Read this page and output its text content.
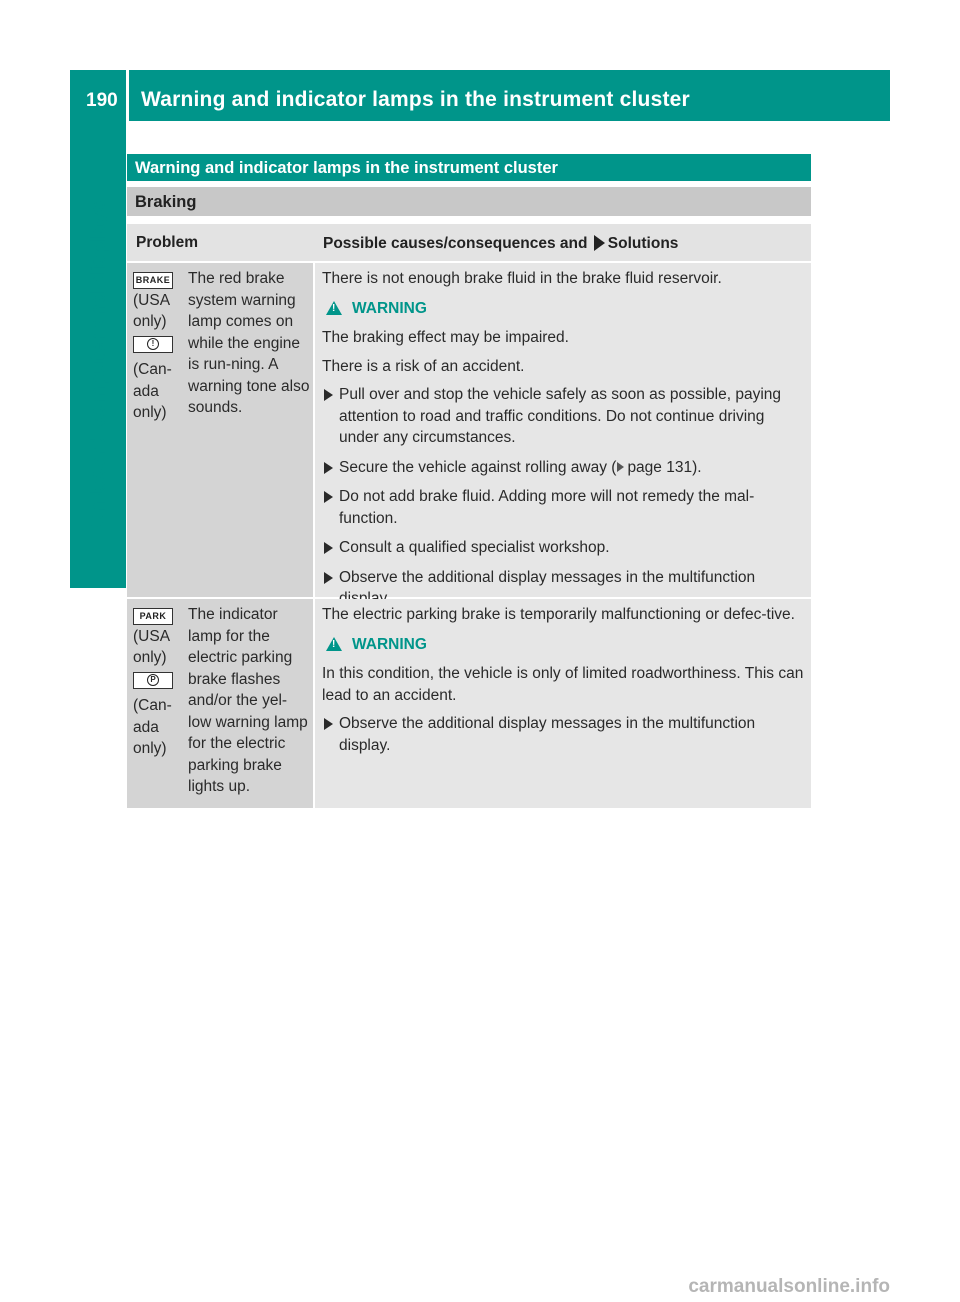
190	Warning and indicator lamps in the instrument cluster
On-board computer and displays
Warning and indicator lamps in the instrument cluster
Braking
Problem	Possible causes/consequences and Solutions
BRAKE
(USA
only)
!
(Can-
ada
only)
The red brake system warning lamp comes on while the engine is run-ning. A warning tone also sounds.
There is not enough brake fluid in the brake fluid reservoir.
!
WARNING
The braking effect may be impaired.
There is a risk of an accident.
Pull over and stop the vehicle safely as soon as possible, paying attention to road and traffic conditions. Do not continue driving under any circumstances.
Secure the vehicle against rolling away ( page 131).
Do not add brake fluid. Adding more will not remedy the mal-function.
Consult a qualified specialist workshop.
Observe the additional display messages in the multifunction
PARK
(USA
only)
P
(Can-
ada
only)
The indicator lamp for the electric parking brake flashes and/or the yel-low warning lamp for the electric parking brake lights up.
The electric parking brake is temporarily malfunctioning or defec-tive.
!
WARNING
In this condition, the vehicle is only of limited roadworthiness. This can lead to an accident.
Observe the additional display messages in the multifunction display.
carmanualsonline.info
